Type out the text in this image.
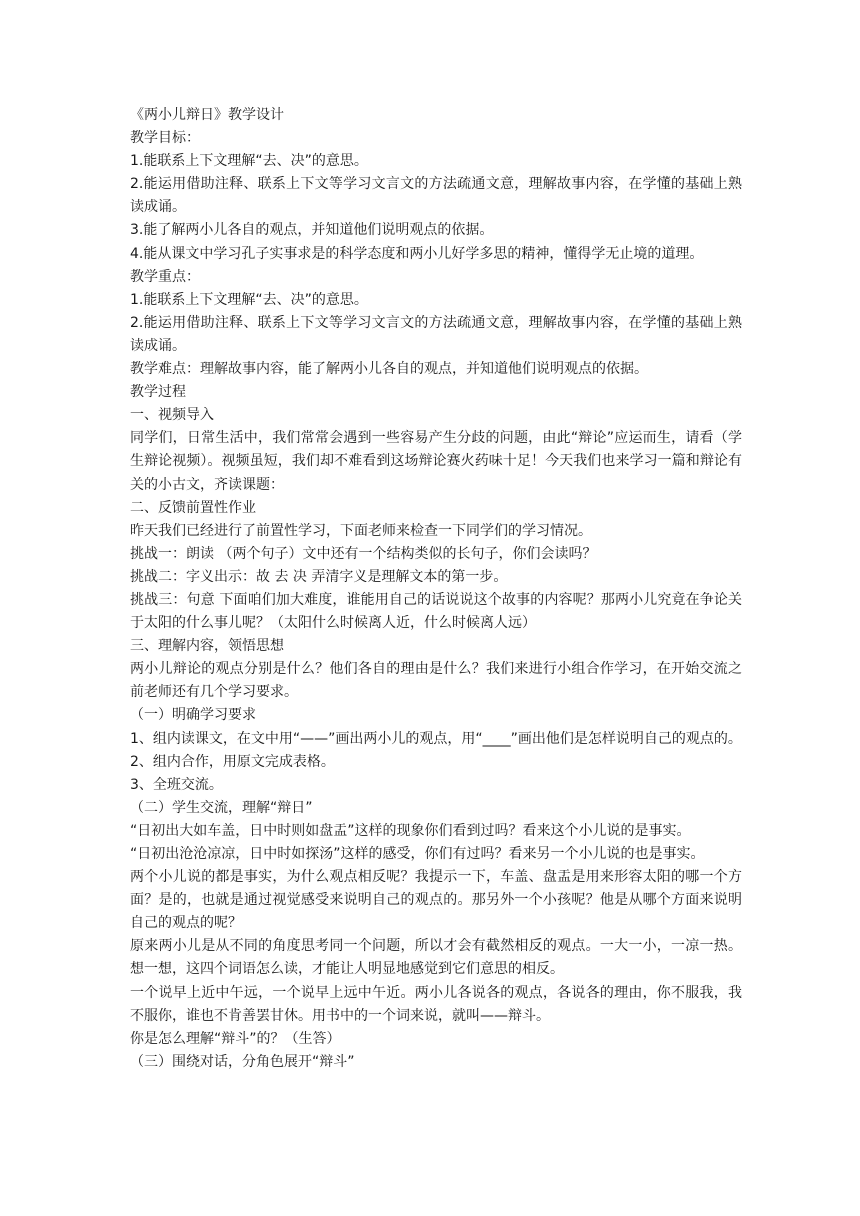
《两小儿辩日》教学设计

教学目标：

1.能联系上下文理解“去、决”的意思。

2.能运用借助注释、联系上下文等学习文言文的方法疏通文意，理解故事内容，在学懂的基础上熟读成诵。

3.能了解两小儿各自的观点，并知道他们说明观点的依据。

4.能从课文中学习孔子实事求是的科学态度和两小儿好学多思的精神，懂得学无止境的道理。

教学重点：

1.能联系上下文理解“去、决”的意思。

2.能运用借助注释、联系上下文等学习文言文的方法疏通文意，理解故事内容，在学懂的基础上熟读成诵。

教学难点：理解故事内容，能了解两小儿各自的观点，并知道他们说明观点的依据。

教学过程

一、视频导入

同学们，日常生活中，我们常常会遇到一些容易产生分歧的问题，由此“辩论”应运而生，请看（学生辩论视频）。视频虽短，我们却不难看到这场辩论赛火药味十足！今天我们也来学习一篇和辩论有关的小古文，齐读课题：

二、反馈前置性作业

昨天我们已经进行了前置性学习，下面老师来检查一下同学们的学习情况。

挑战一：朗读 （两个句子）文中还有一个结构类似的长句子，你们会读吗？

挑战二：字义出示：故 去 决 弄清字义是理解文本的第一步。

挑战三：句意 下面咱们加大难度，谁能用自己的话说说这个故事的内容呢？那两小儿究竟在争论关于太阳的什么事儿呢？（太阳什么时候离人近，什么时候离人远）

三、理解内容，领悟思想

两小儿辩论的观点分别是什么？他们各自的理由是什么？我们来进行小组合作学习，在开始交流之前老师还有几个学习要求。

（一）明确学习要求

1、组内读课文，在文中用“——”画出两小儿的观点，用“____”画出他们是怎样说明自己的观点的。

2、组内合作，用原文完成表格。

3、全班交流。

（二）学生交流，理解“辩日”

“日初出大如车盖，日中时则如盘盂”这样的现象你们看到过吗？看来这个小儿说的是事实。

“日初出沧沧凉凉，日中时如探汤”这样的感受，你们有过吗？看来另一个小儿说的也是事实。

两个小儿说的都是事实，为什么观点相反呢？我提示一下，车盖、盘盂是用来形容太阳的哪一个方面？是的，也就是通过视觉感受来说明自己的观点的。那另外一个小孩呢？他是从哪个方面来说明自己的观点的呢？

原来两小儿是从不同的角度思考同一个问题，所以才会有截然相反的观点。一大一小，一凉一热。想一想，这四个词语怎么读，才能让人明显地感觉到它们意思的相反。

一个说早上近中午远，一个说早上远中午近。两小儿各说各的观点，各说各的理由，你不服我，我不服你，谁也不肯善罢甘休。用书中的一个词来说，就叫——辩斗。

你是怎么理解“辩斗”的？（生答）

（三）围绕对话，分角色展开“辩斗”
